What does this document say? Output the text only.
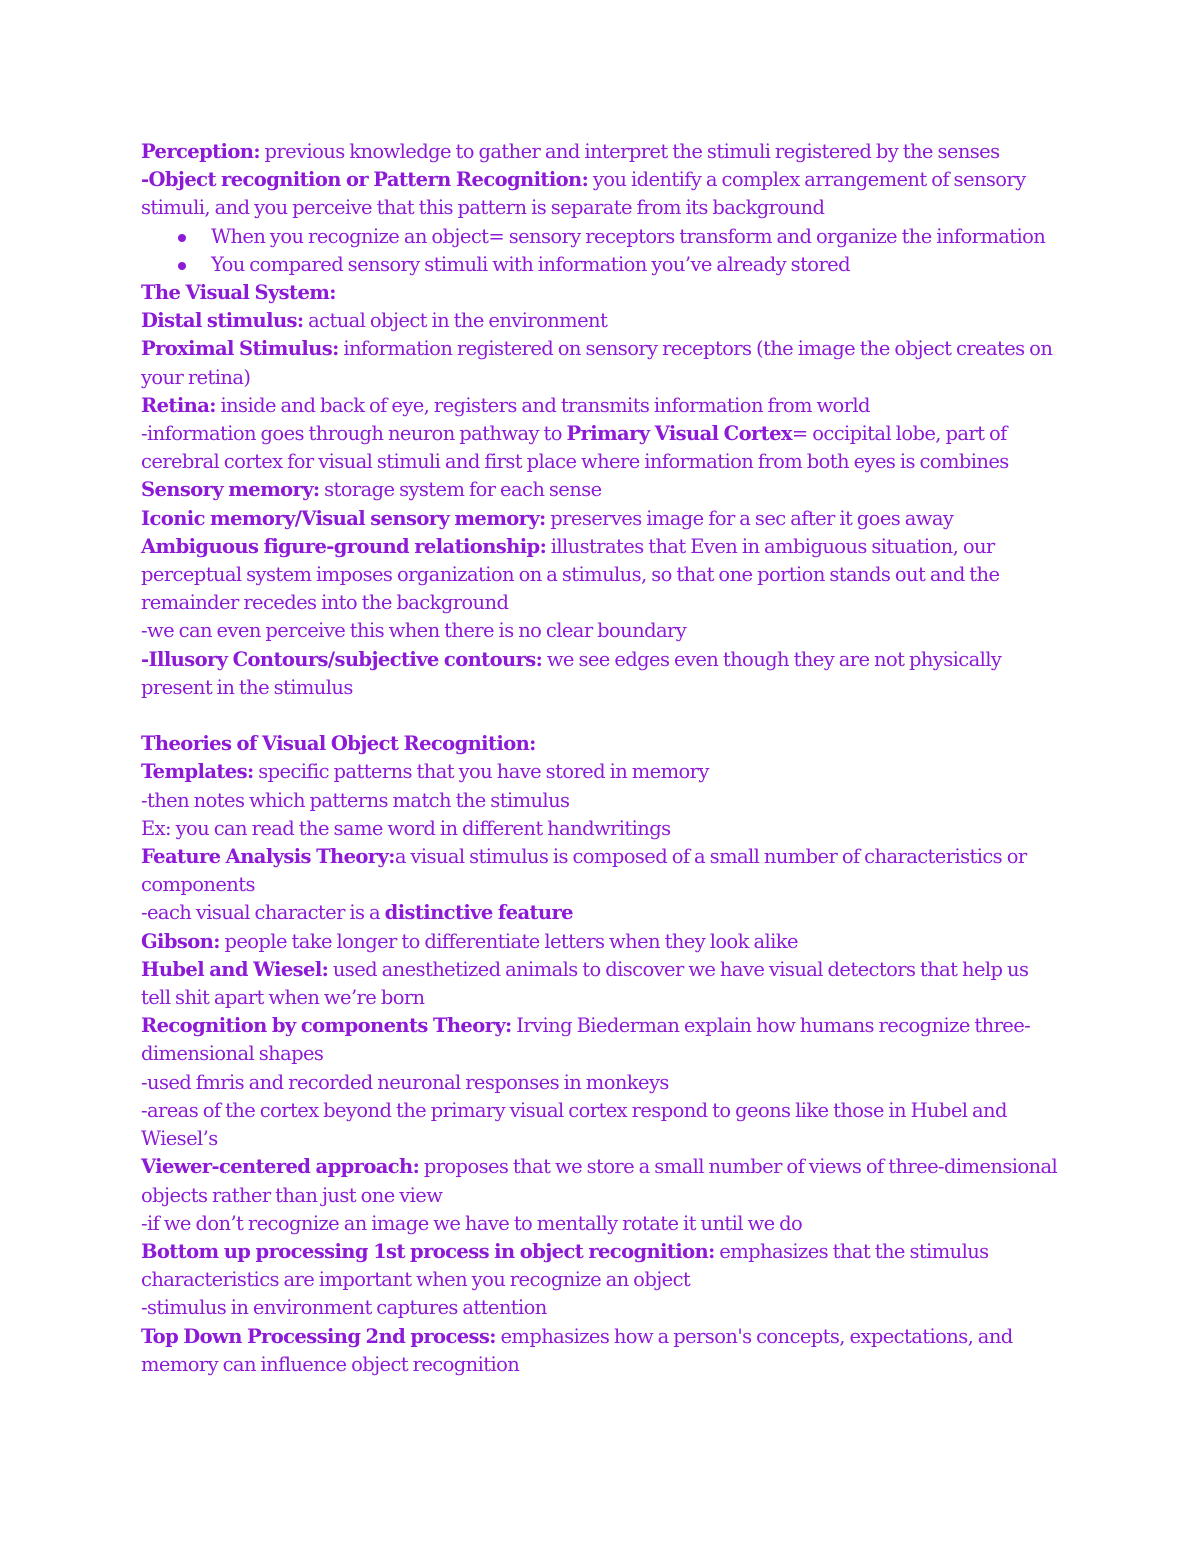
Perception: previous knowledge to gather and interpret the stimuli registered by the senses

-Object recognition or Pattern Recognition: you identify a complex arrangement of sensory stimuli, and you perceive that this pattern is separate from its background

When you recognize an object= sensory receptors transform and organize the information
You compared sensory stimuli with information you’ve already stored

The Visual System:

Distal stimulus: actual object in the environment

Proximal Stimulus: information registered on sensory receptors (the image the object creates on your retina)

Retina: inside and back of eye, registers and transmits information from world

-information goes through neuron pathway to Primary Visual Cortex= occipital lobe, part of cerebral cortex for visual stimuli and first place where information from both eyes is combines

Sensory memory: storage system for each sense

Iconic memory/Visual sensory memory: preserves image for a sec after it goes away

Ambiguous figure-ground relationship: illustrates that Even in ambiguous situation, our perceptual system imposes organization on a stimulus, so that one portion stands out and the remainder recedes into the background

-we can even perceive this when there is no clear boundary

-Illusory Contours/subjective contours: we see edges even though they are not physically present in the stimulus

Theories of Visual Object Recognition:

Templates: specific patterns that you have stored in memory

-then notes which patterns match the stimulus

Ex: you can read the same word in different handwritings

Feature Analysis Theory:a visual stimulus is composed of a small number of characteristics or components

-each visual character is a distinctive feature

Gibson: people take longer to differentiate letters when they look alike

Hubel and Wiesel: used anesthetized animals to discover we have visual detectors that help us tell shit apart when we’re born

Recognition by components Theory: Irving Biederman explain how humans recognize three-dimensional shapes

-used fmris and recorded neuronal responses in monkeys

-areas of the cortex beyond the primary visual cortex respond to geons like those in Hubel and Wiesel’s

Viewer-centered approach: proposes that we store a small number of views of three-dimensional objects rather than just one view

-if we don’t recognize an image we have to mentally rotate it until we do

Bottom up processing 1st process in object recognition: emphasizes that the stimulus characteristics are important when you recognize an object

-stimulus in environment captures attention

Top Down Processing 2nd process: emphasizes how a person's concepts, expectations, and memory can influence object recognition
